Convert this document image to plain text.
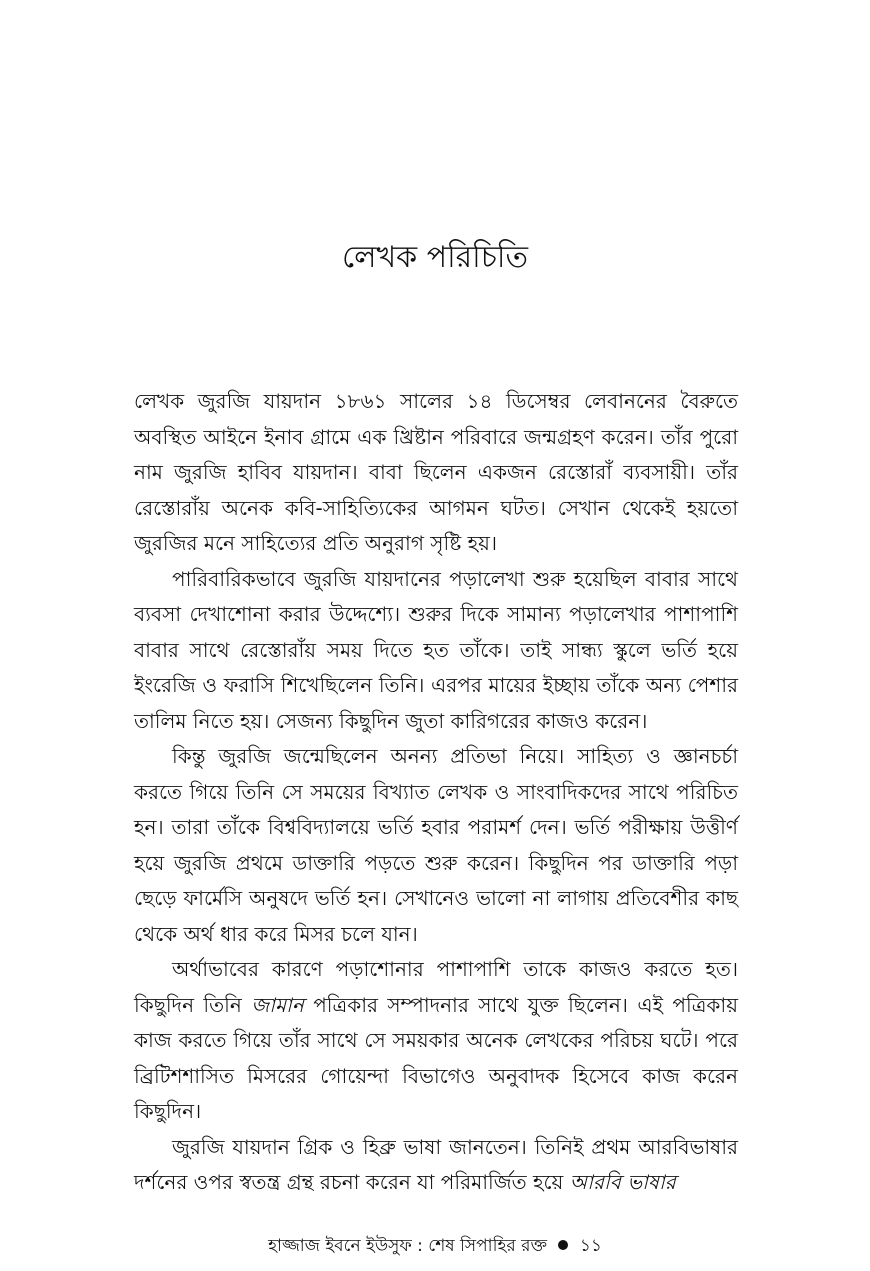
লেখক পরিচিতি

লেখক জুরজি যায়দান ১৮৬১ সালের ১৪ ডিসেম্বর লেবাননের বৈরুতে অবস্থিত আইনে ইনাব গ্রামে এক খ্রিষ্টান পরিবারে জন্মগ্রহণ করেন। তাঁর পুরো নাম জুরজি হাবিব যায়দান। বাবা ছিলেন একজন রেস্তোরাঁ ব্যবসায়ী। তাঁর রেস্তোরাঁয় অনেক কবি-সাহিত্যিকের আগমন ঘটত। সেখান থেকেই হয়তো জুরজির মনে সাহিত্যের প্রতি অনুরাগ সৃষ্টি হয়।

পারিবারিকভাবে জুরজি যায়দানের পড়ালেখা শুরু হয়েছিল বাবার সাথে ব্যবসা দেখাশোনা করার উদ্দেশ্যে। শুরুর দিকে সামান্য পড়ালেখার পাশাপাশি বাবার সাথে রেস্তোরাঁয় সময় দিতে হত তাঁকে। তাই সান্ধ্য স্কুলে ভর্তি হয়ে ইংরেজি ও ফরাসি শিখেছিলেন তিনি। এরপর মায়ের ইচ্ছায় তাঁকে অন্য পেশার তালিম নিতে হয়। সেজন্য কিছুদিন জুতা কারিগরের কাজও করেন।

কিন্তু জুরজি জন্মেছিলেন অনন্য প্রতিভা নিয়ে। সাহিত্য ও জ্ঞানচর্চা করতে গিয়ে তিনি সে সময়ের বিখ্যাত লেখক ও সাংবাদিকদের সাথে পরিচিত হন। তারা তাঁকে বিশ্ববিদ্যালয়ে ভর্তি হবার পরামর্শ দেন। ভর্তি পরীক্ষায় উত্তীর্ণ হয়ে জুরজি প্রথমে ডাক্তারি পড়তে শুরু করেন। কিছুদিন পর ডাক্তারি পড়া ছেড়ে ফার্মেসি অনুষদে ভর্তি হন। সেখানেও ভালো না লাগায় প্রতিবেশীর কাছ থেকে অর্থ ধার করে মিসর চলে যান।

অর্থাভাবের কারণে পড়াশোনার পাশাপাশি তাকে কাজও করতে হত। কিছুদিন তিনি জামান পত্রিকার সম্পাদনার সাথে যুক্ত ছিলেন। এই পত্রিকায় কাজ করতে গিয়ে তাঁর সাথে সে সময়কার অনেক লেখকের পরিচয় ঘটে। পরে ব্রিটিশশাসিত মিসরের গোয়েন্দা বিভাগেও অনুবাদক হিসেবে কাজ করেন কিছুদিন।

জুরজি যায়দান গ্রিক ও হিব্রু ভাষা জানতেন। তিনিই প্রথম আরবিভাষার দর্শনের ওপর স্বতন্ত্র গ্রন্থ রচনা করেন যা পরিমার্জিত হয়ে আরবি ভাষার

হাজ্জাজ ইবনে ইউসুফ : শেষ সিপাহির রক্ত ১১
